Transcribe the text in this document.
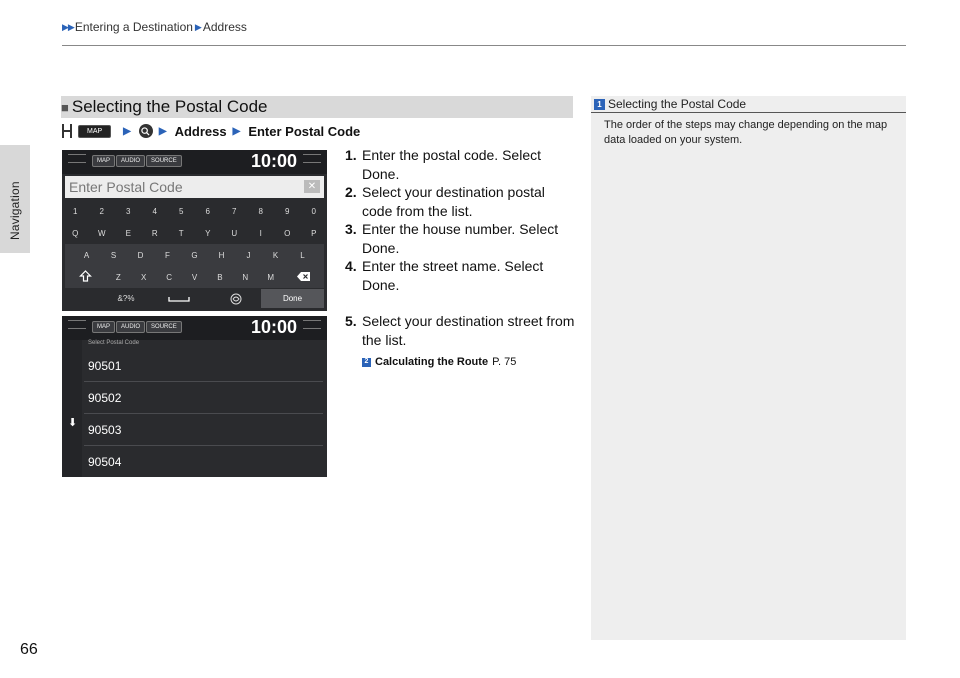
▶▶ Entering a Destination ▶ Address
Navigation
66
■ Selecting the Postal Code
MAP	▶	▶ Address ▶ Enter Postal Code
MAP	AUDIO	SOURCE	10:00
Enter Postal Code	✕
1	2	3	4	5	6	7	8	9	0
Q	W	E	R	T	Y	U	I	O	P
A	S	D	F	G	H	J	K	L
Z	X	C	V	B	N	M
&?%	Done
MAP	AUDIO	SOURCE	10:00
⬇
Select Postal Code
90501
90502
90503
90504
1. Enter the postal code. Select
Done.
2. Select your destination postal code from the list.
3. Enter the house number. Select
Done.
4. Enter the street name. Select
Done.
5. Select your destination street from the list.
2 Calculating the Route P. 75
1 Selecting the Postal Code
The order of the steps may change depending on the map data loaded on your system.
